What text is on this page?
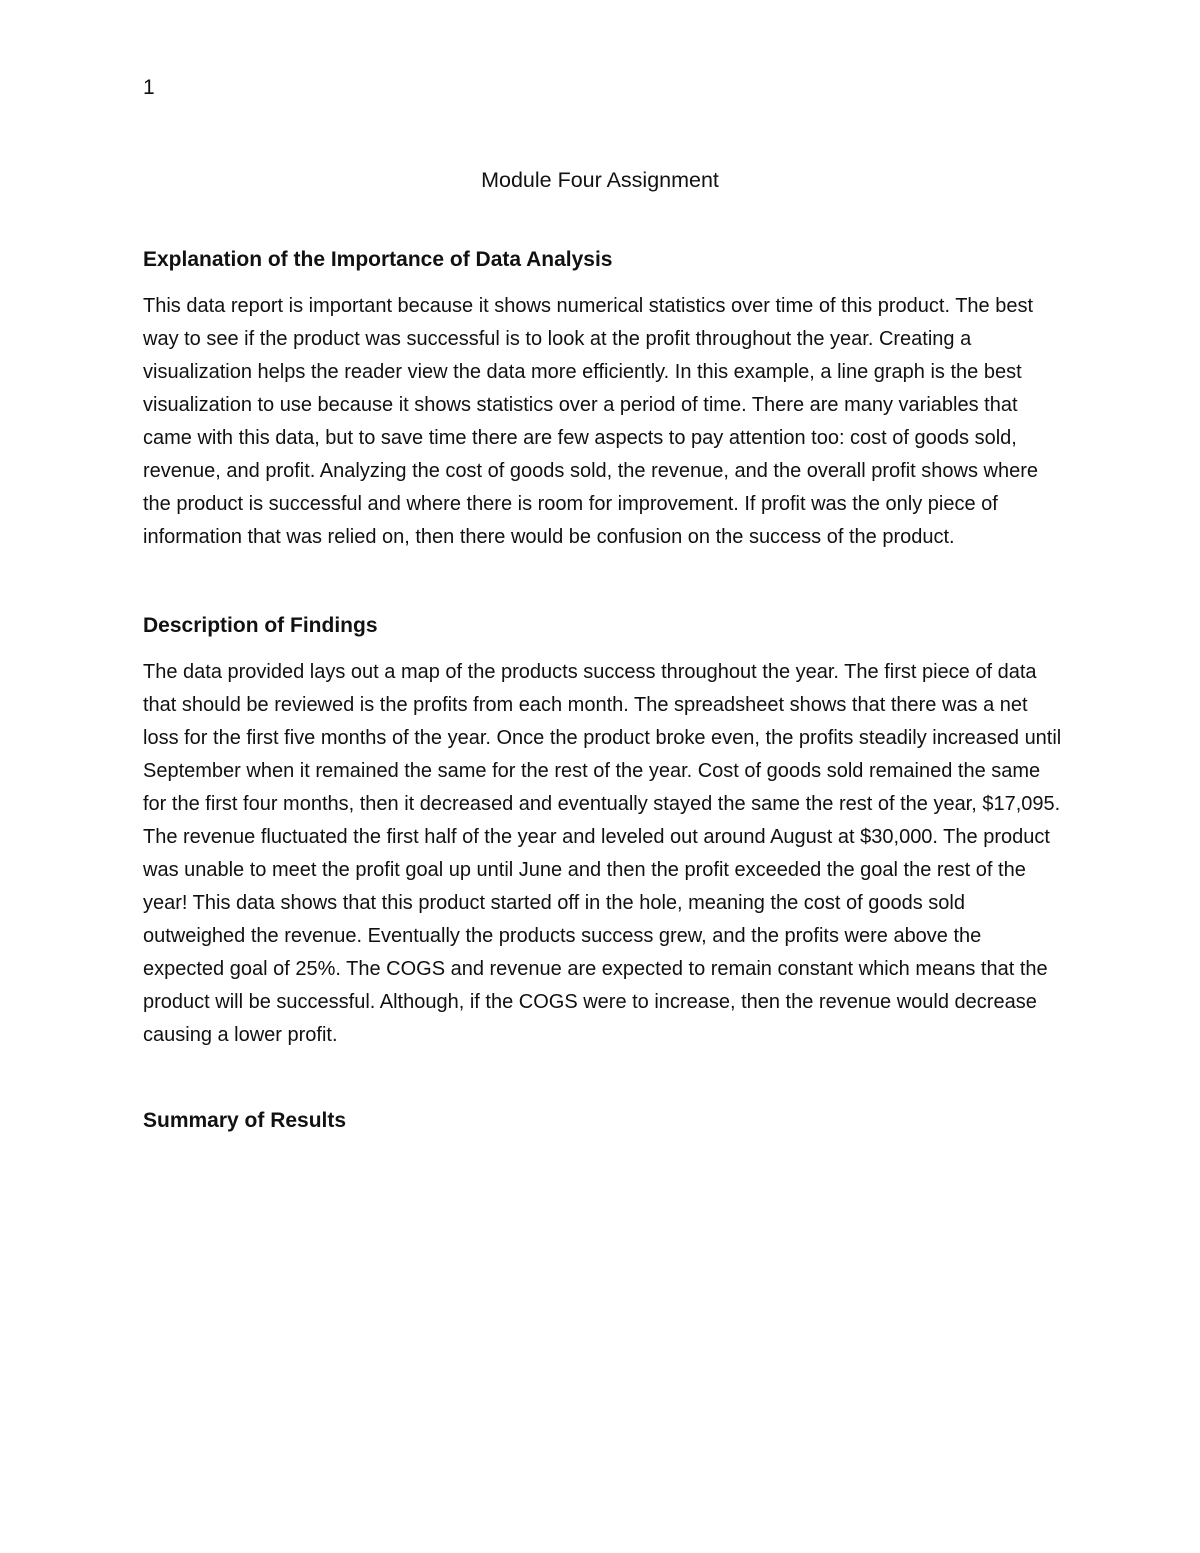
1
Module Four Assignment
Explanation of the Importance of Data Analysis

This data report is important because it shows numerical statistics over time of this product. The best way to see if the product was successful is to look at the profit throughout the year. Creating a visualization helps the reader view the data more efficiently. In this example, a line graph is the best visualization to use because it shows statistics over a period of time. There are many variables that came with this data, but to save time there are few aspects to pay attention too: cost of goods sold, revenue, and profit. Analyzing the cost of goods sold, the revenue, and the overall profit shows where the product is successful and where there is room for improvement. If profit was the only piece of information that was relied on, then there would be confusion on the success of the product.

Description of Findings

The data provided lays out a map of the products success throughout the year. The first piece of data that should be reviewed is the profits from each month. The spreadsheet shows that there was a net loss for the first five months of the year. Once the product broke even, the profits steadily increased until September when it remained the same for the rest of the year. Cost of goods sold remained the same for the first four months, then it decreased and eventually stayed the same the rest of the year, $17,095. The revenue fluctuated the first half of the year and leveled out around August at $30,000. The product was unable to meet the profit goal up until June and then the profit exceeded the goal the rest of the year! This data shows that this product started off in the hole, meaning the cost of goods sold outweighed the revenue. Eventually the products success grew, and the profits were above the expected goal of 25%. The COGS and revenue are expected to remain constant which means that the product will be successful. Although, if the COGS were to increase, then the revenue would decrease causing a lower profit.

Summary of Results
